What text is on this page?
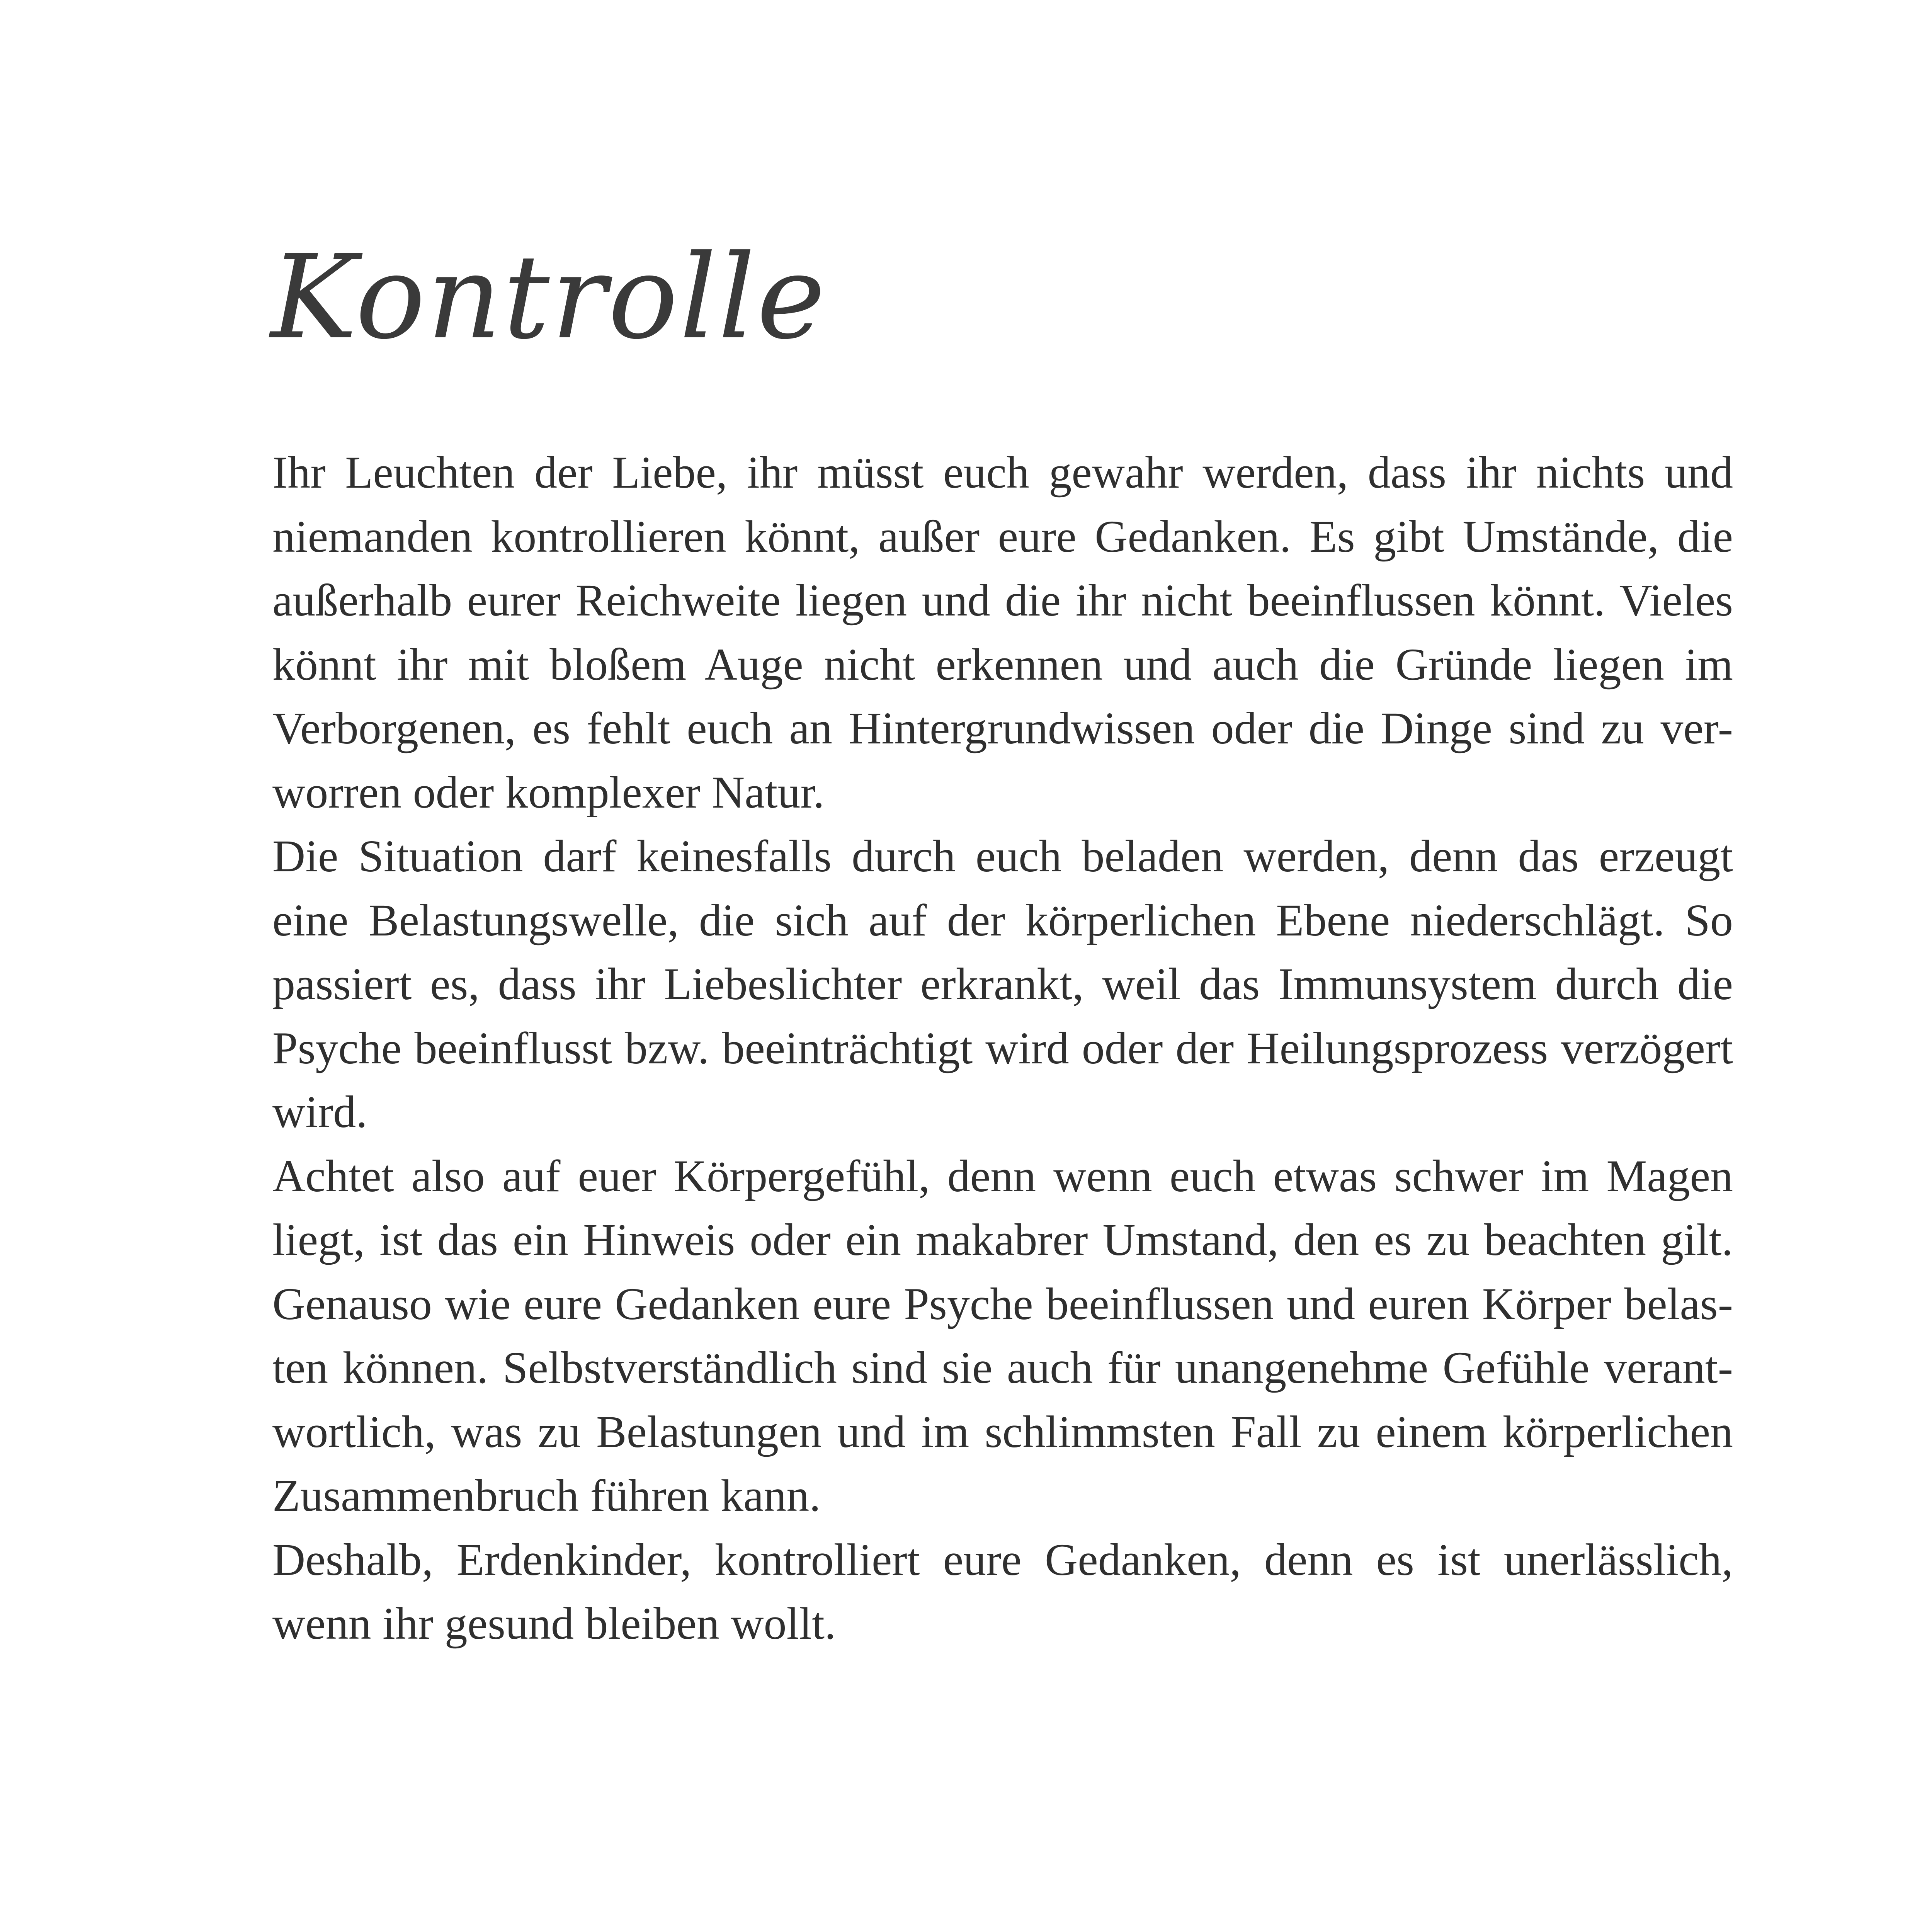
Kontrolle
Ihr Leuchten der Liebe, ihr müsst euch gewahr werden, dass ihr nichts und
niemanden kontrollieren könnt, außer eure Gedanken. Es gibt Umstände, die
außerhalb eurer Reichweite liegen und die ihr nicht beeinflussen könnt. Vieles
könnt ihr mit bloßem Auge nicht erkennen und auch die Gründe liegen im
Verborgenen, es fehlt euch an Hintergrundwissen oder die Dinge sind zu ver-
worren oder komplexer Natur.
Die Situation darf keinesfalls durch euch beladen werden, denn das erzeugt
eine Belastungswelle, die sich auf der körperlichen Ebene niederschlägt. So
passiert es, dass ihr Liebeslichter erkrankt, weil das Immunsystem durch die
Psyche beeinflusst bzw. beeinträchtigt wird oder der Heilungsprozess verzögert
wird.
Achtet also auf euer Körpergefühl, denn wenn euch etwas schwer im Magen
liegt, ist das ein Hinweis oder ein makabrer Umstand, den es zu beachten gilt.
Genauso wie eure Gedanken eure Psyche beeinflussen und euren Körper belas-
ten können. Selbstverständlich sind sie auch für unangenehme Gefühle verant-
wortlich, was zu Belastungen und im schlimmsten Fall zu einem körperlichen
Zusammenbruch führen kann.
Deshalb, Erdenkinder, kontrolliert eure Gedanken, denn es ist unerlässlich,
wenn ihr gesund bleiben wollt.
